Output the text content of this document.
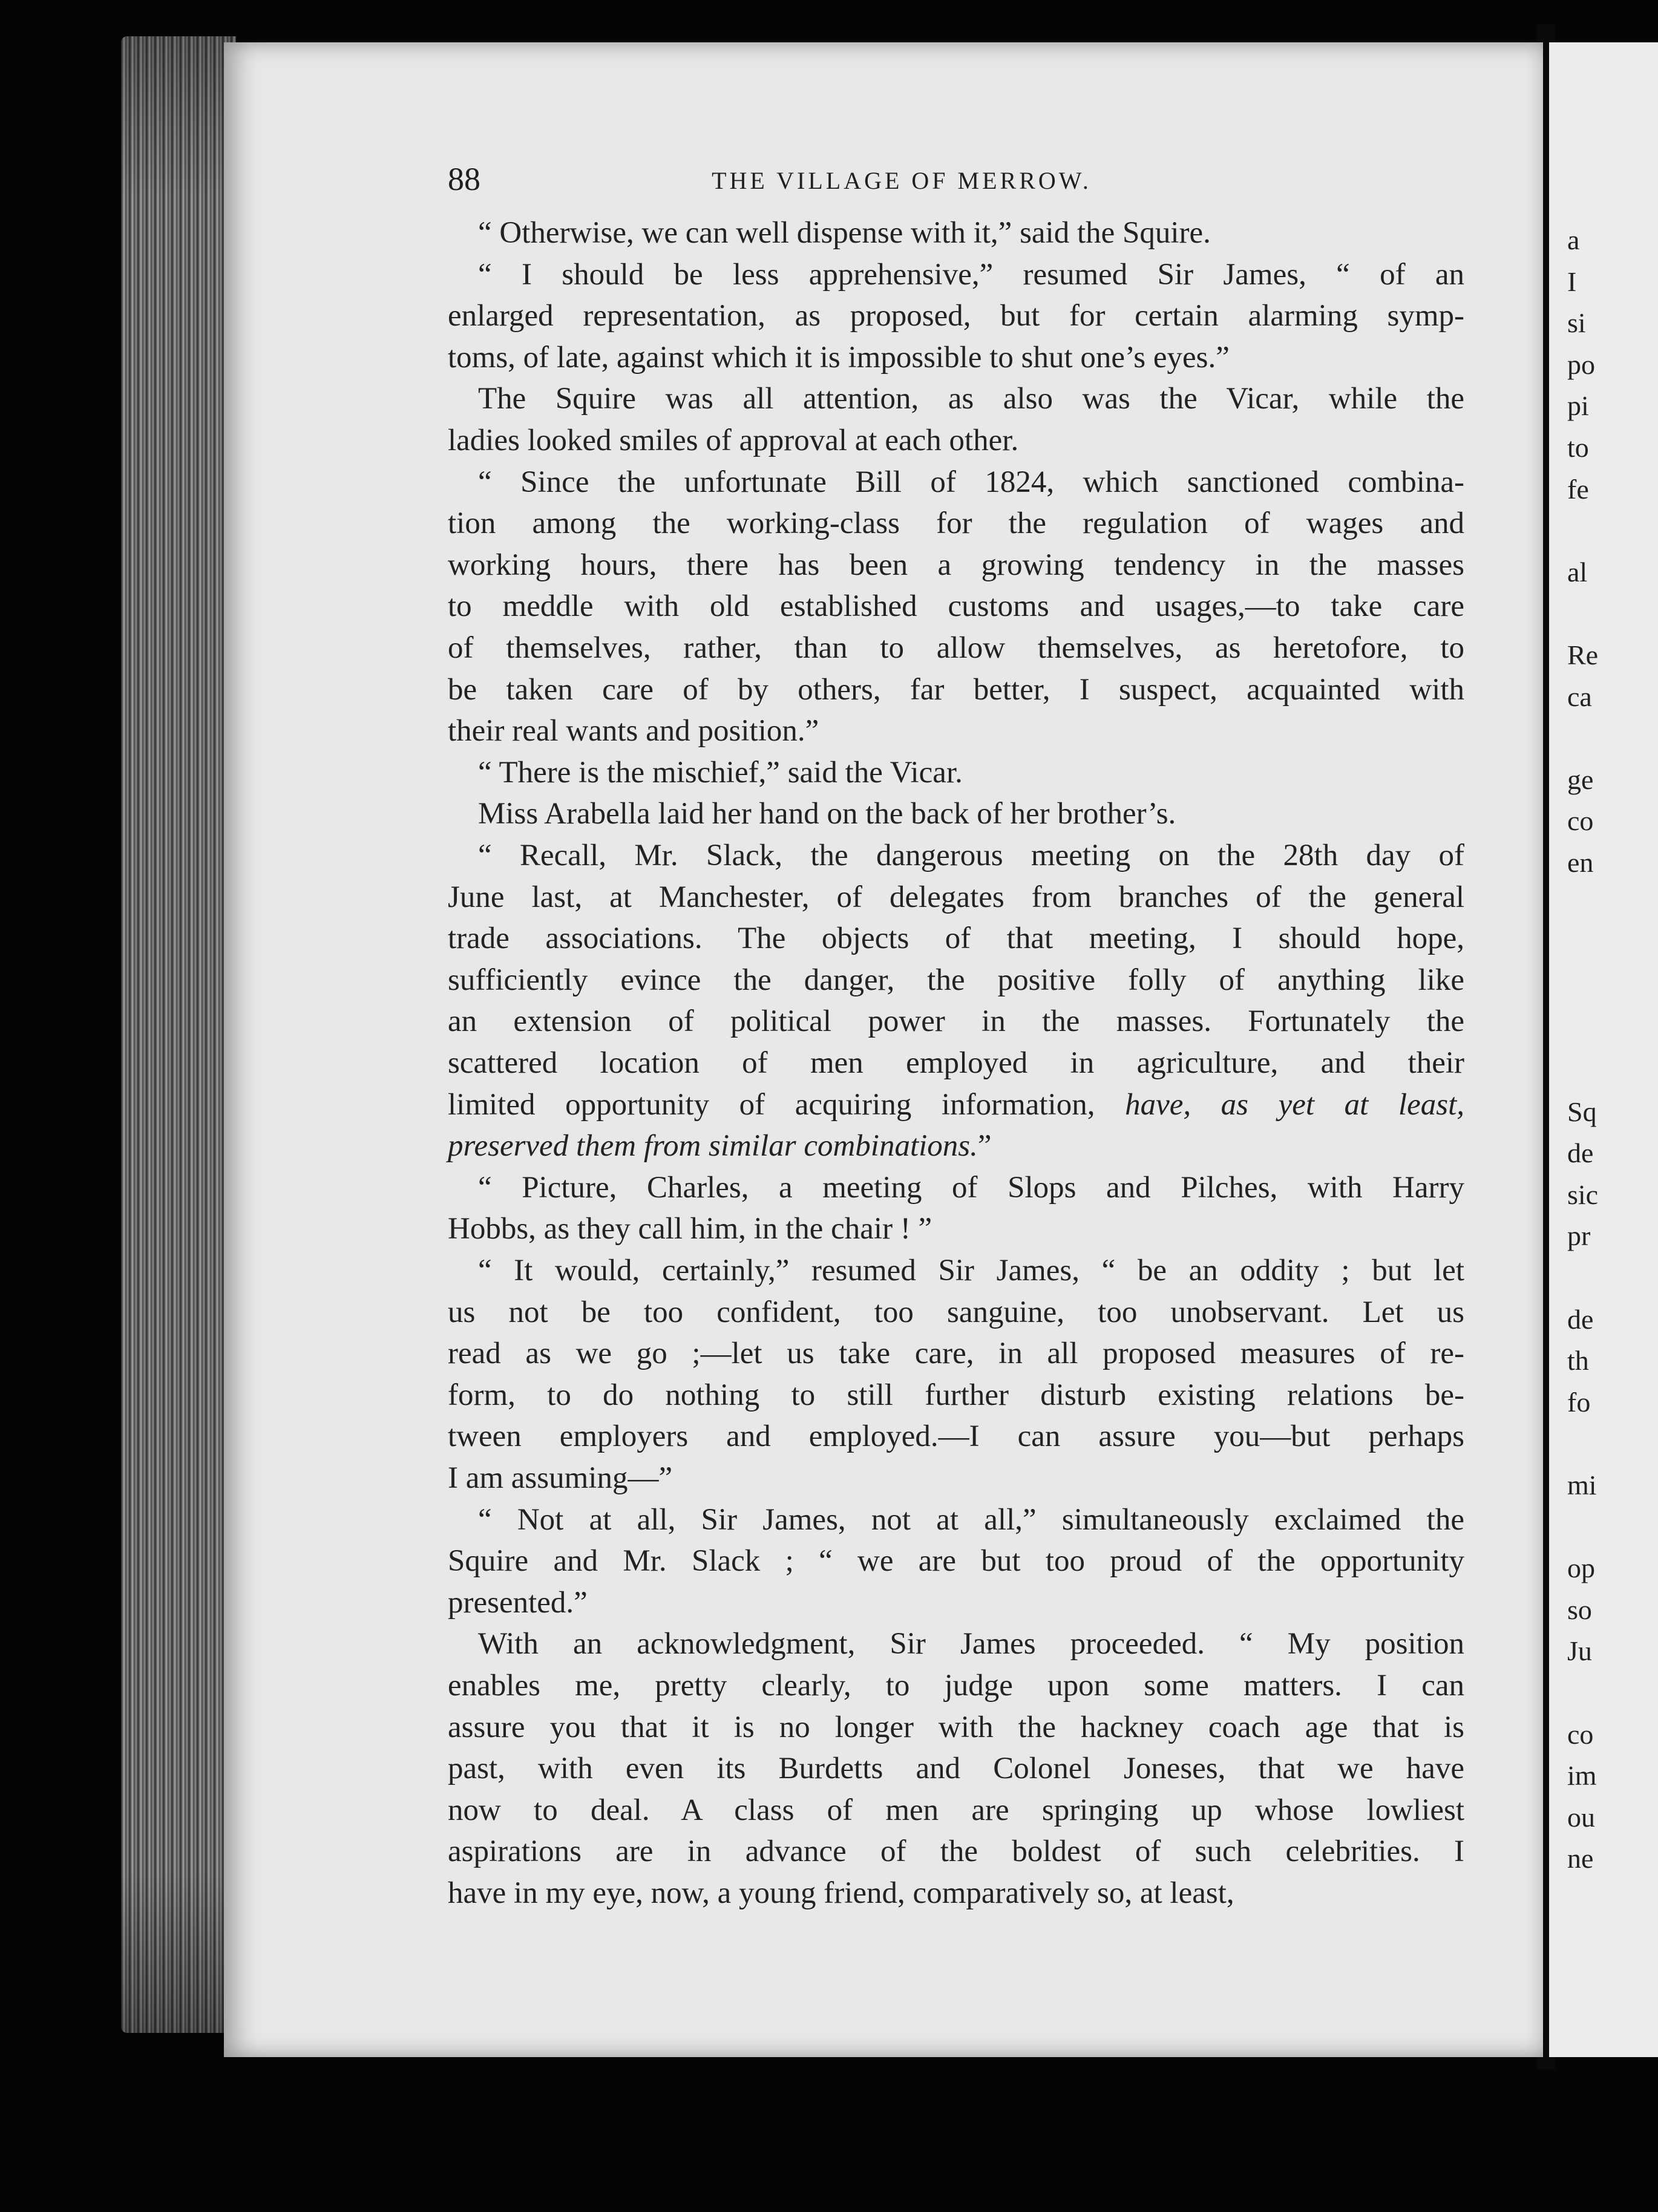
a
I
si
po
pi
to
fe
al
Re
ca
ge
co
en
Sq
de
sic
pr
de
th
fo
mi
op
so
Ju
co
im
ou
ne
88	THE VILLAGE OF MERROW.
“ Otherwise, we can well dispense with it,” said the Squire.
“ I should be less apprehensive,” resumed Sir James, “ of an
enlarged representation, as proposed, but for certain alarming symp-
toms, of late, against which it is impossible to shut one’s eyes.”
The Squire was all attention, as also was the Vicar, while the
ladies looked smiles of approval at each other.
“ Since the unfortunate Bill of 1824, which sanctioned combina-
tion among the working-class for the regulation of wages and
working hours, there has been a growing tendency in the masses
to meddle with old established customs and usages,—to take care
of themselves, rather, than to allow themselves, as heretofore, to
be taken care of by others, far better, I suspect, acquainted with
their real wants and position.”
“ There is the mischief,” said the Vicar.
Miss Arabella laid her hand on the back of her brother’s.
“ Recall, Mr. Slack, the dangerous meeting on the 28th day of
June last, at Manchester, of delegates from branches of the general
trade associations. The objects of that meeting, I should hope,
sufficiently evince the danger, the positive folly of anything like
an extension of political power in the masses. Fortunately the
scattered location of men employed in agriculture, and their
limited opportunity of acquiring information, have, as yet at least,
preserved them from similar combinations.”
“ Picture, Charles, a meeting of Slops and Pilches, with Harry
Hobbs, as they call him, in the chair ! ”
“ It would, certainly,” resumed Sir James, “ be an oddity ; but let
us not be too confident, too sanguine, too unobservant. Let us
read as we go ;—let us take care, in all proposed measures of re-
form, to do nothing to still further disturb existing relations be-
tween employers and employed.—I can assure you—but perhaps
I am assuming—”
“ Not at all, Sir James, not at all,” simultaneously exclaimed the
Squire and Mr. Slack ; “ we are but too proud of the opportunity
presented.”
With an acknowledgment, Sir James proceeded. “ My position
enables me, pretty clearly, to judge upon some matters. I can
assure you that it is no longer with the hackney coach age that is
past, with even its Burdetts and Colonel Joneses, that we have
now to deal. A class of men are springing up whose lowliest
aspirations are in advance of the boldest of such celebrities. I
have in my eye, now, a young friend, comparatively so, at least,
